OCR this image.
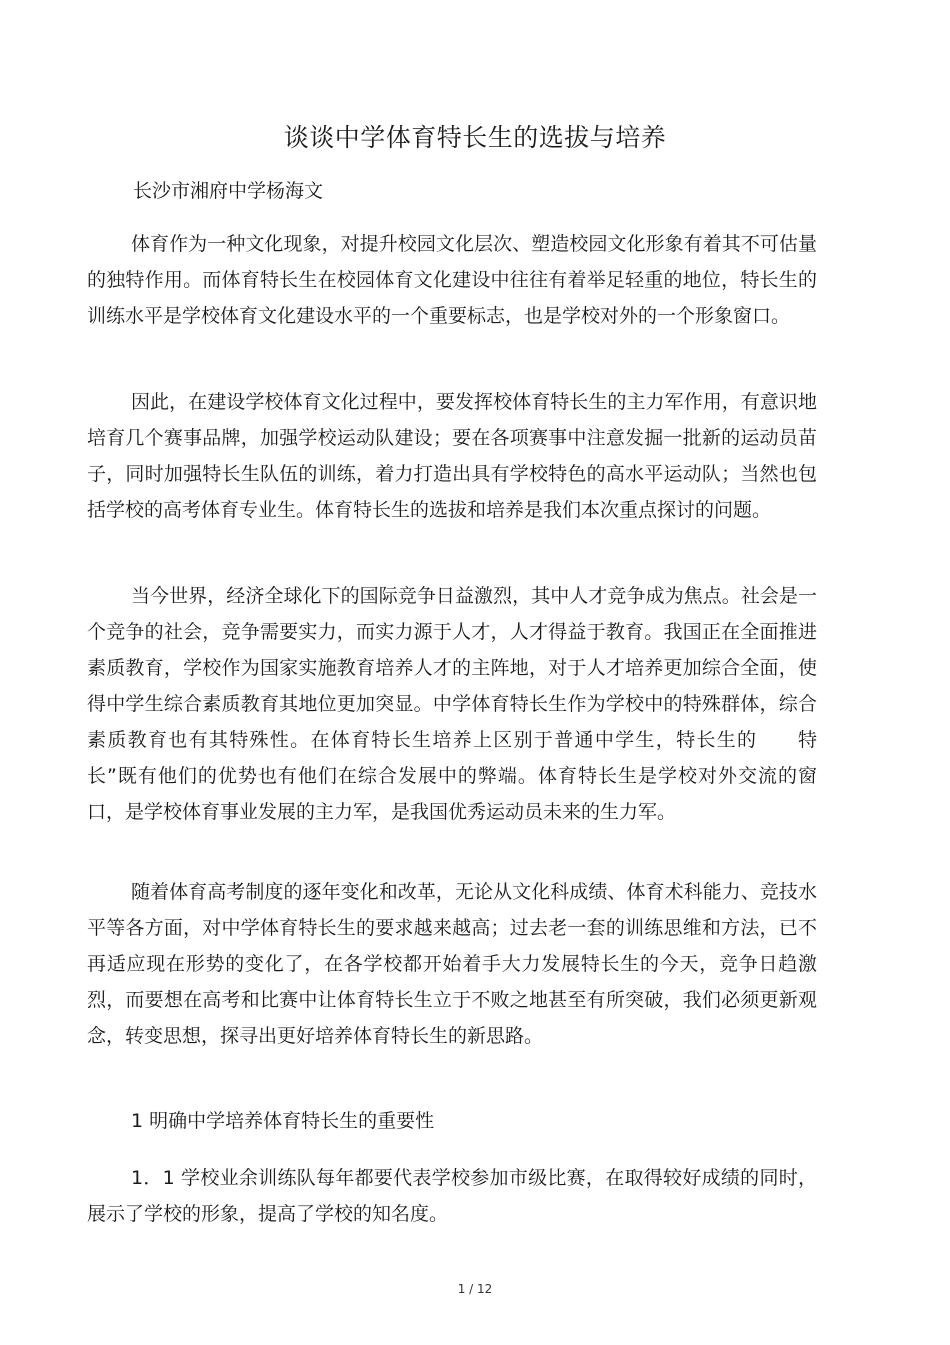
谈谈中学体育特长生的选拔与培养
长沙市湘府中学杨海文

体育作为一种文化现象，对提升校园文化层次、塑造校园文化形象有着其不可估量的独特作用。而体育特长生在校园体育文化建设中往往有着举足轻重的地位，特长生的训练水平是学校体育文化建设水平的一个重要标志，也是学校对外的一个形象窗口。

因此，在建设学校体育文化过程中，要发挥校体育特长生的主力军作用，有意识地培育几个赛事品牌，加强学校运动队建设；要在各项赛事中注意发掘一批新的运动员苗子，同时加强特长生队伍的训练，着力打造出具有学校特色的高水平运动队；当然也包括学校的高考体育专业生。体育特长生的选拔和培养是我们本次重点探讨的问题。

当今世界，经济全球化下的国际竞争日益激烈，其中人才竞争成为焦点。社会是一个竞争的社会，竞争需要实力，而实力源于人才，人才得益于教育。我国正在全面推进素质教育，学校作为国家实施教育培养人才的主阵地，对于人才培养更加综合全面，使得中学生综合素质教育其地位更加突显。中学体育特长生作为学校中的特殊群体，综合素质教育也有其特殊性。在体育特长生培养上区别于普通中学生，特长生的　　特长”既有他们的优势也有他们在综合发展中的弊端。体育特长生是学校对外交流的窗口，是学校体育事业发展的主力军，是我国优秀运动员未来的生力军。

随着体育高考制度的逐年变化和改革，无论从文化科成绩、体育术科能力、竞技水平等各方面，对中学体育特长生的要求越来越高；过去老一套的训练思维和方法，已不再适应现在形势的变化了，在各学校都开始着手大力发展特长生的今天，竞争日趋激烈，而要想在高考和比赛中让体育特长生立于不败之地甚至有所突破，我们必须更新观念，转变思想，探寻出更好培养体育特长生的新思路。

1 明确中学培养体育特长生的重要性

1．1 学校业余训练队每年都要代表学校参加市级比赛，在取得较好成绩的同时，展示了学校的形象，提高了学校的知名度。

1 / 12
